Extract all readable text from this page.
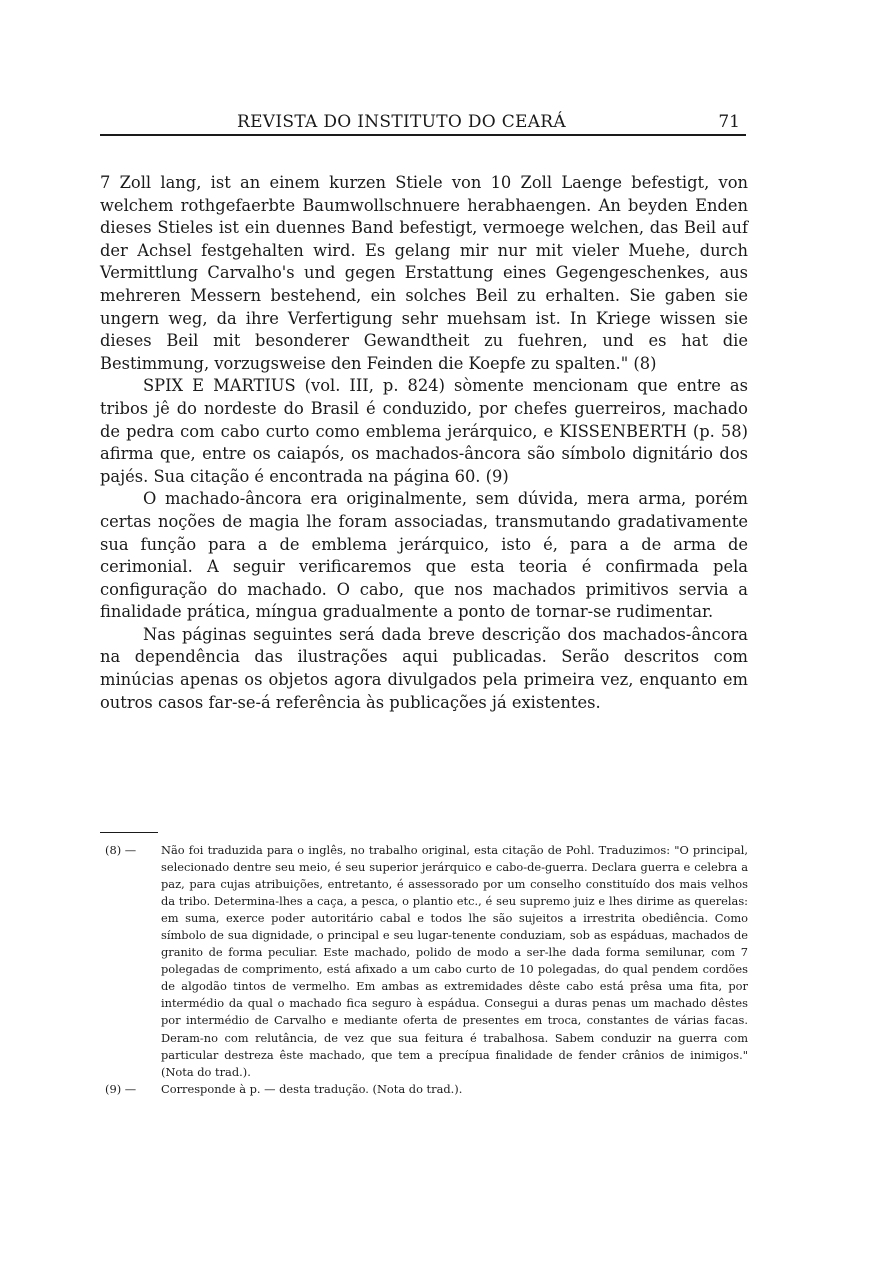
REVISTA DO INSTITUTO DO CEARÁ	71

7 Zoll lang, ist an einem kurzen Stiele von 10 Zoll Laenge befestigt, von welchem rothgefaerbte Baumwollschnuere herabhaengen. An beyden Enden dieses Stieles ist ein duennes Band befestigt, vermoege welchen, das Beil auf der Achsel festgehalten wird. Es gelang mir nur mit vieler Muehe, durch Vermittlung Carvalho's und gegen Erstattung eines Gegengeschenkes, aus mehreren Messern bestehend, ein solches Beil zu erhalten. Sie gaben sie ungern weg, da ihre Verfertigung sehr muehsam ist. In Kriege wissen sie dieses Beil mit besonderer Gewandtheit zu fuehren, und es hat die Bestimmung, vorzugsweise den Feinden die Koepfe zu spalten." (8)

SPIX E MARTIUS (vol. III, p. 824) sòmente mencionam que entre as tribos jê do nordeste do Brasil é conduzido, por chefes guerreiros, machado de pedra com cabo curto como emblema jerárquico, e KISSENBERTH (p. 58) afirma que, entre os caiapós, os machados-âncora são símbolo dignitário dos pajés. Sua citação é encontrada na página 60. (9)

O machado-âncora era originalmente, sem dúvida, mera arma, porém certas noções de magia lhe foram associadas, transmutando gradativamente sua função para a de emblema jerárquico, isto é, para a de arma de cerimonial. A seguir verificaremos que esta teoria é confirmada pela configuração do machado. O cabo, que nos machados primitivos servia a finalidade prática, míngua gradualmente a ponto de tornar-se rudimentar.

Nas páginas seguintes será dada breve descrição dos machados-âncora na dependência das ilustrações aqui publicadas. Serão descritos com minúcias apenas os objetos agora divulgados pela primeira vez, enquanto em outros casos far-se-á referência às publicações já existentes.

(8) — Não foi traduzida para o inglês, no trabalho original, esta citação de Pohl. Traduzimos: "O principal, selecionado dentre seu meio, é seu superior jerárquico e cabo-de-guerra. Declara guerra e celebra a paz, para cujas atribuições, entretanto, é assessorado por um conselho constituído dos mais velhos da tribo. Determina-lhes a caça, a pesca, o plantio etc., é seu supremo juiz e lhes dirime as querelas: em suma, exerce poder autoritário cabal e todos lhe são sujeitos a irrestrita obediência. Como símbolo de sua dignidade, o principal e seu lugar-tenente conduziam, sob as espáduas, machados de granito de forma peculiar. Este machado, polido de modo a ser-lhe dada forma semilunar, com 7 polegadas de comprimento, está afixado a um cabo curto de 10 polegadas, do qual pendem cordões de algodão tintos de vermelho. Em ambas as extremidades dêste cabo está prêsa uma fita, por intermédio da qual o machado fica seguro à espádua. Consegui a duras penas um machado dêstes por intermédio de Carvalho e mediante oferta de presentes em troca, constantes de várias facas. Deram-no com relutância, de vez que sua feitura é trabalhosa. Sabem conduzir na guerra com particular destreza êste machado, que tem a precípua finalidade de fender crânios de inimigos." (Nota do trad.).

(9) — Corresponde à p. — desta tradução. (Nota do trad.).
